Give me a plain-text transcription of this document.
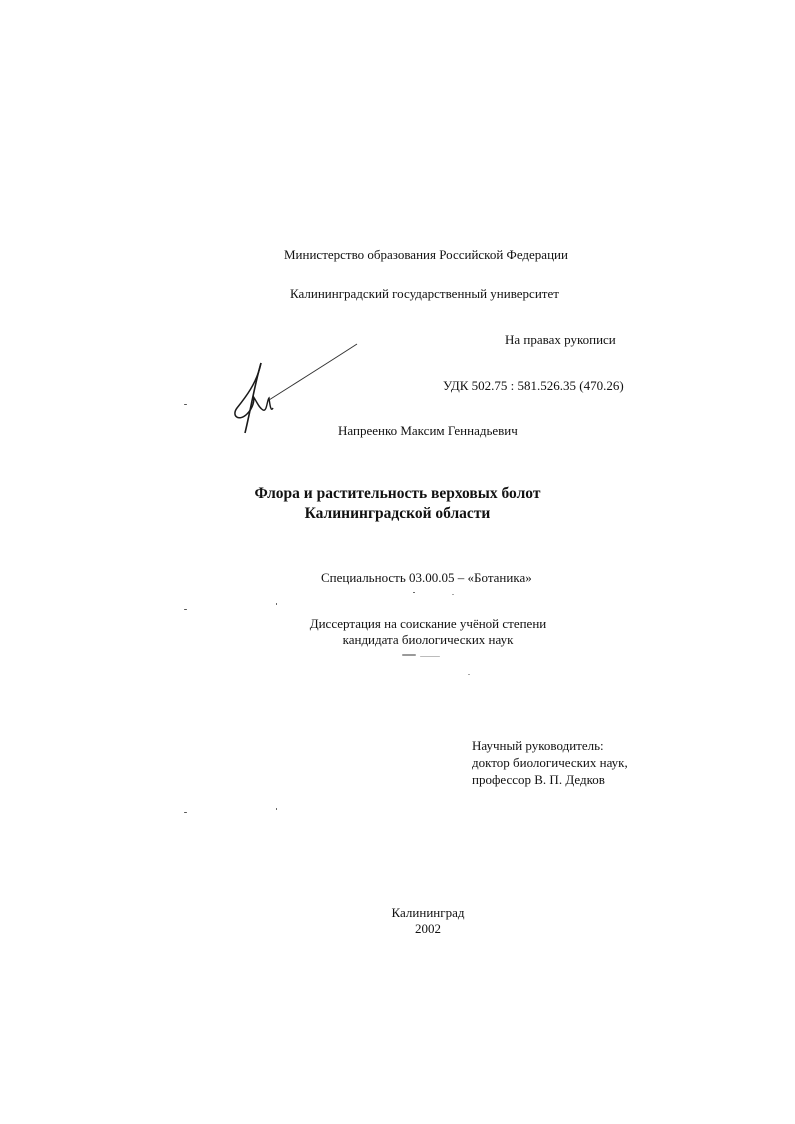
Министерство образования Российской Федерации
Калининградский государственный университет
На правах рукописи
УДК 502.75 : 581.526.35 (470.26)
Напреенко Максим Геннадьевич
Флора и растительность верховых болот
Калининградской области
Специальность 03.00.05 – «Ботаника»
Диссертация на соискание учёной степени
кандидата биологических наук
Научный руководитель:
доктор биологических наук,
профессор В. П. Дедков
Калининград
2002
